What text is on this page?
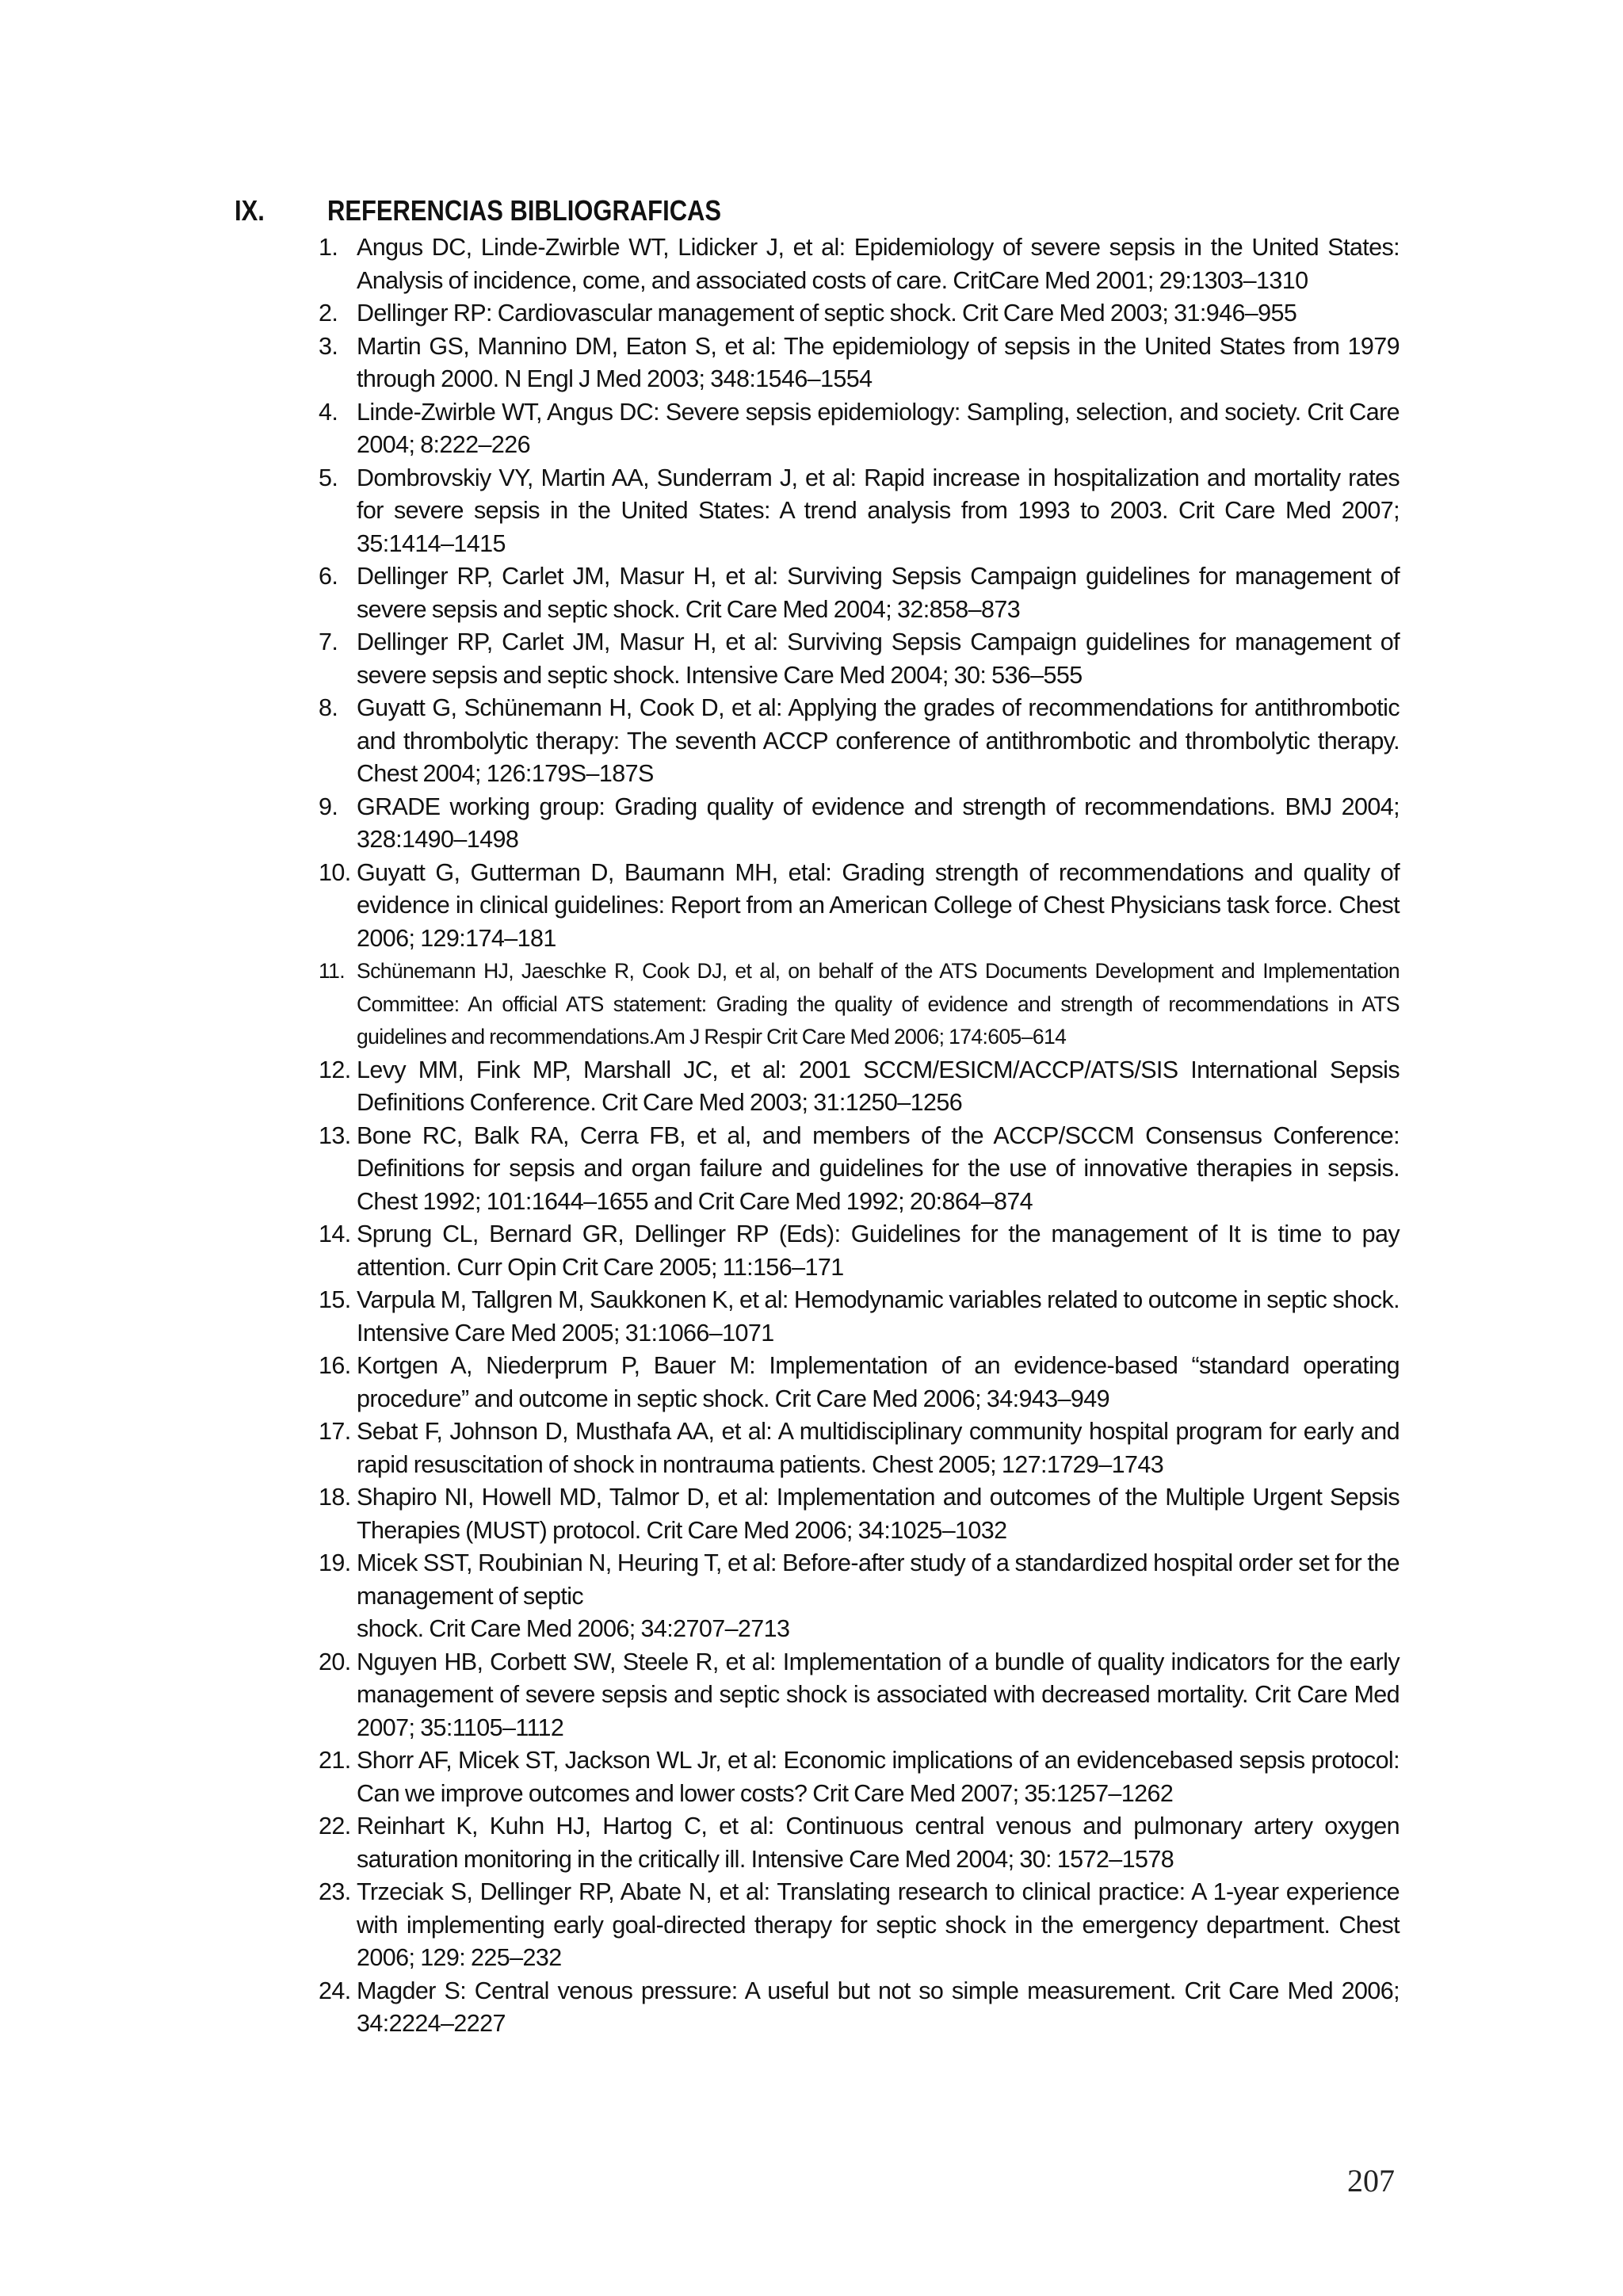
IX.	REFERENCIAS BIBLIOGRAFICAS
1. Angus DC, Linde-Zwirble WT, Lidicker J, et al: Epidemiology of severe sepsis in the United States: Analysis of incidence, come, and associated costs of care. CritCare Med 2001; 29:1303–1310
2. Dellinger RP: Cardiovascular management of septic shock. Crit Care Med 2003; 31:946–955
3. Martin GS, Mannino DM, Eaton S, et al: The epidemiology of sepsis in the United States from 1979 through 2000. N Engl J Med 2003; 348:1546–1554
4. Linde-Zwirble WT, Angus DC: Severe sepsis epidemiology: Sampling, selection, and society. Crit Care 2004; 8:222–226
5. Dombrovskiy VY, Martin AA, Sunderram J, et al: Rapid increase in hospitalization and mortality rates for severe sepsis in the United States: A trend analysis from 1993 to 2003. Crit Care Med 2007; 35:1414–1415
6. Dellinger RP, Carlet JM, Masur H, et al: Surviving Sepsis Campaign guidelines for management of severe sepsis and septic shock. Crit Care Med 2004; 32:858–873
7. Dellinger RP, Carlet JM, Masur H, et al: Surviving Sepsis Campaign guidelines for management of severe sepsis and septic shock. Intensive Care Med 2004; 30: 536–555
8. Guyatt G, Schünemann H, Cook D, et al: Applying the grades of recommendations for antithrombotic and thrombolytic therapy: The seventh ACCP conference of antithrombotic and thrombolytic therapy. Chest 2004; 126:179S–187S
9. GRADE working group: Grading quality of evidence and strength of recommendations. BMJ 2004; 328:1490–1498
10. Guyatt G, Gutterman D, Baumann MH, etal: Grading strength of recommendations and quality of evidence in clinical guidelines: Report from an American College of Chest Physicians task force. Chest 2006; 129:174–181
11. Schünemann HJ, Jaeschke R, Cook DJ, et al, on behalf of the ATS Documents Development and Implementation Committee: An official ATS statement: Grading the quality of evidence and strength of recommendations in ATS guidelines and recommendations.Am J Respir Crit Care Med 2006; 174:605–614
12. Levy MM, Fink MP, Marshall JC, et al: 2001 SCCM/ESICM/ACCP/ATS/SIS International Sepsis Definitions Conference. Crit Care Med 2003; 31:1250–1256
13. Bone RC, Balk RA, Cerra FB, et al, and members of the ACCP/SCCM Consensus Conference: Definitions for sepsis and organ failure and guidelines for the use of innovative therapies in sepsis. Chest 1992; 101:1644–1655 and Crit Care Med 1992; 20:864–874
14. Sprung CL, Bernard GR, Dellinger RP (Eds): Guidelines for the management of It is time to pay attention. Curr Opin Crit Care 2005; 11:156–171
15. Varpula M, Tallgren M, Saukkonen K, et al: Hemodynamic variables related to outcome in septic shock. Intensive Care Med 2005; 31:1066–1071
16. Kortgen A, Niederprum P, Bauer M: Implementation of an evidence-based “standard operating procedure” and outcome in septic shock. Crit Care Med 2006; 34:943–949
17. Sebat F, Johnson D, Musthafa AA, et al: A multidisciplinary community hospital program for early and rapid resuscitation of shock in nontrauma patients. Chest 2005; 127:1729–1743
18. Shapiro NI, Howell MD, Talmor D, et al: Implementation and outcomes of the Multiple Urgent Sepsis Therapies (MUST) protocol. Crit Care Med 2006; 34:1025–1032
19. Micek SST, Roubinian N, Heuring T, et al: Before-after study of a standardized hospital order set for the management of septic
shock. Crit Care Med 2006; 34:2707–2713
20. Nguyen HB, Corbett SW, Steele R, et al: Implementation of a bundle of quality indicators for the early management of severe sepsis and septic shock is associated with decreased mortality. Crit Care Med 2007; 35:1105–1112
21. Shorr AF, Micek ST, Jackson WL Jr, et al: Economic implications of an evidencebased sepsis protocol: Can we improve outcomes and lower costs? Crit Care Med 2007; 35:1257–1262
22. Reinhart K, Kuhn HJ, Hartog C, et al: Continuous central venous and pulmonary artery oxygen saturation monitoring in the critically ill. Intensive Care Med 2004; 30: 1572–1578
23. Trzeciak S, Dellinger RP, Abate N, et al: Translating research to clinical practice: A 1-year experience with implementing early goal-directed therapy for septic shock in the emergency department. Chest 2006; 129: 225–232
24. Magder S: Central venous pressure: A useful but not so simple measurement. Crit Care Med 2006; 34:2224–2227
207
